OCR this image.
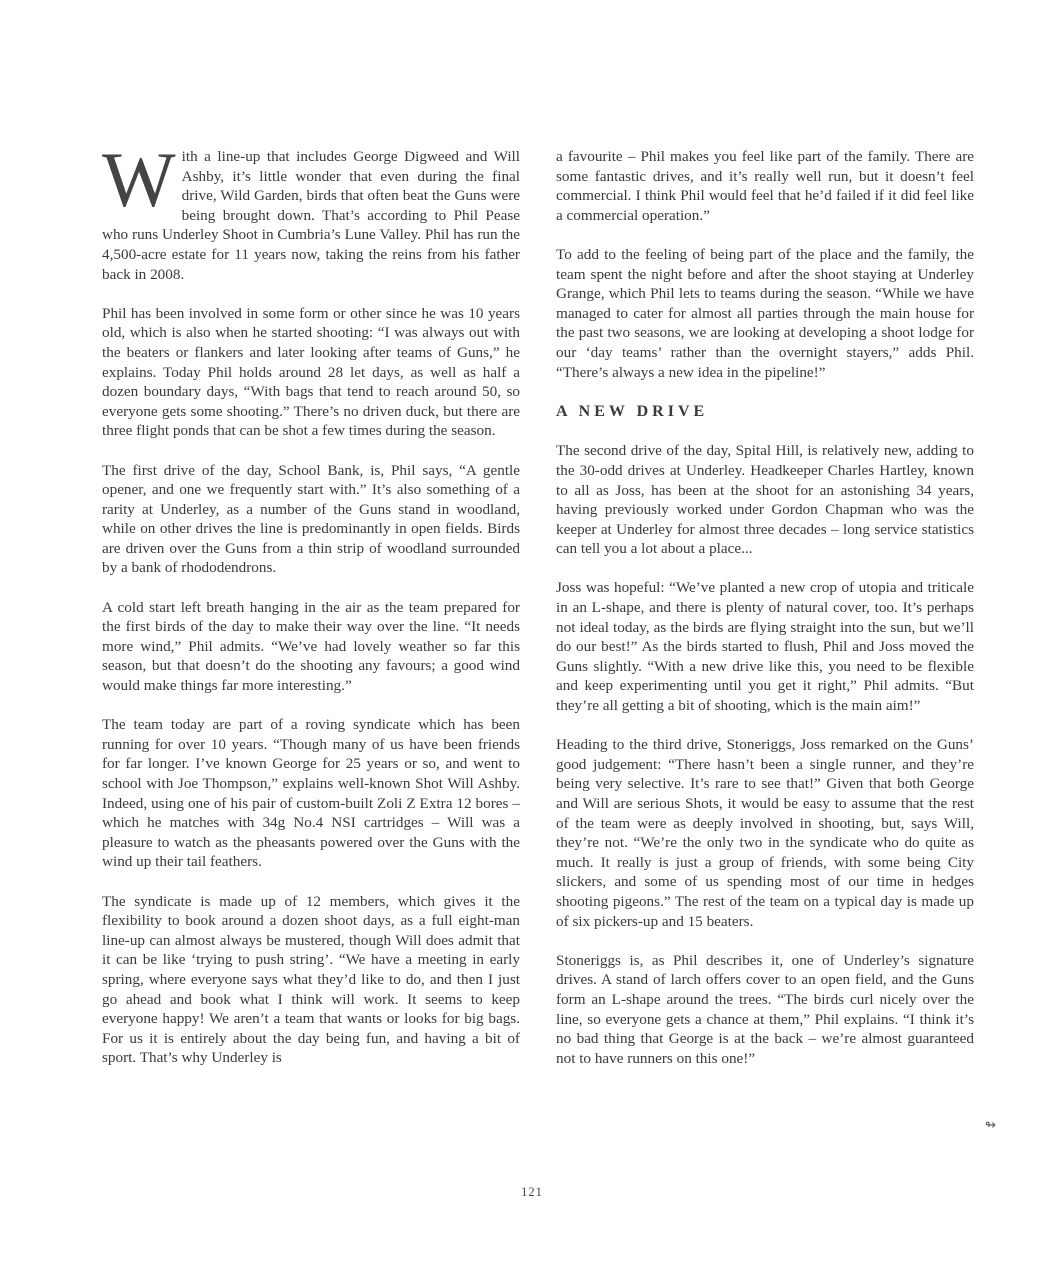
With a line-up that includes George Digweed and Will Ashby, it’s little wonder that even during the final drive, Wild Garden, birds that often beat the Guns were being brought down. That’s according to Phil Pease who runs Underley Shoot in Cumbria’s Lune Valley. Phil has run the 4,500-acre estate for 11 years now, taking the reins from his father back in 2008.

Phil has been involved in some form or other since he was 10 years old, which is also when he started shooting: “I was always out with the beaters or flankers and later looking after teams of Guns,” he explains. Today Phil holds around 28 let days, as well as half a dozen boundary days, “With bags that tend to reach around 50, so everyone gets some shooting.” There’s no driven duck, but there are three flight ponds that can be shot a few times during the season.

The first drive of the day, School Bank, is, Phil says, “A gentle opener, and one we frequently start with.” It’s also something of a rarity at Underley, as a number of the Guns stand in woodland, while on other drives the line is predominantly in open fields. Birds are driven over the Guns from a thin strip of woodland surrounded by a bank of rhododendrons.

A cold start left breath hanging in the air as the team prepared for the first birds of the day to make their way over the line. “It needs more wind,” Phil admits. “We’ve had lovely weather so far this season, but that doesn’t do the shooting any favours; a good wind would make things far more interesting.”

The team today are part of a roving syndicate which has been running for over 10 years. “Though many of us have been friends for far longer. I’ve known George for 25 years or so, and went to school with Joe Thompson,” explains well-known Shot Will Ashby. Indeed, using one of his pair of custom-built Zoli Z Extra 12 bores – which he matches with 34g No.4 NSI cartridges – Will was a pleasure to watch as the pheasants powered over the Guns with the wind up their tail feathers.

The syndicate is made up of 12 members, which gives it the flexibility to book around a dozen shoot days, as a full eight-man line-up can almost always be mustered, though Will does admit that it can be like ‘trying to push string’. “We have a meeting in early spring, where everyone says what they’d like to do, and then I just go ahead and book what I think will work. It seems to keep everyone happy! We aren’t a team that wants or looks for big bags. For us it is entirely about the day being fun, and having a bit of sport. That’s why Underley is

a favourite – Phil makes you feel like part of the family. There are some fantastic drives, and it’s really well run, but it doesn’t feel commercial. I think Phil would feel that he’d failed if it did feel like a commercial operation.”

To add to the feeling of being part of the place and the family, the team spent the night before and after the shoot staying at Underley Grange, which Phil lets to teams during the season. “While we have managed to cater for almost all parties through the main house for the past two seasons, we are looking at developing a shoot lodge for our ‘day teams’ rather than the overnight stayers,” adds Phil. “There’s always a new idea in the pipeline!”

A NEW DRIVE

The second drive of the day, Spital Hill, is relatively new, adding to the 30-odd drives at Underley. Headkeeper Charles Hartley, known to all as Joss, has been at the shoot for an astonishing 34 years, having previously worked under Gordon Chapman who was the keeper at Underley for almost three decades – long service statistics can tell you a lot about a place...

Joss was hopeful: “We’ve planted a new crop of utopia and triticale in an L-shape, and there is plenty of natural cover, too. It’s perhaps not ideal today, as the birds are flying straight into the sun, but we’ll do our best!” As the birds started to flush, Phil and Joss moved the Guns slightly. “With a new drive like this, you need to be flexible and keep experimenting until you get it right,” Phil admits. “But they’re all getting a bit of shooting, which is the main aim!”

Heading to the third drive, Stoneriggs, Joss remarked on the Guns’ good judgement: “There hasn’t been a single runner, and they’re being very selective. It’s rare to see that!” Given that both George and Will are serious Shots, it would be easy to assume that the rest of the team were as deeply involved in shooting, but, says Will, they’re not. “We’re the only two in the syndicate who do quite as much. It really is just a group of friends, with some being City slickers, and some of us spending most of our time in hedges shooting pigeons.” The rest of the team on a typical day is made up of six pickers-up and 15 beaters.

Stoneriggs is, as Phil describes it, one of Underley’s signature drives. A stand of larch offers cover to an open field, and the Guns form an L-shape around the trees. “The birds curl nicely over the line, so everyone gets a chance at them,” Phil explains. “I think it’s no bad thing that George is at the back – we’re almost guaranteed not to have runners on this one!”

↬
121
